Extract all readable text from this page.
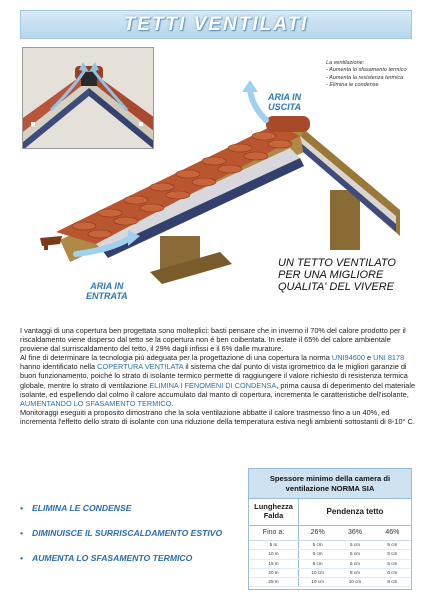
TETTI VENTILATI
La ventilazione:
- Aumenta lo sfasamento termico
- Aumenta la resistenza termica
- Elimina le condense
ARIA IN
USCITA
ARIA IN
ENTRATA
UN TETTO VENTILATO PER UNA MIGLIORE QUALITA' DEL VIVERE

I vantaggi di una copertura ben progettata sono molteplici: basti pensare che in inverno il 70% del calore prodotto per il riscaldamento viene disperso dal tetto se la copertura non è ben coibentata. In estate il 65% del calore ambientale proviene dal surriscaldamento del tetto, il 29% dagli infissi e il 6% dalle murature.

Al fine di determinare la tecnologia più adeguata per la progettazione di una copertura la norma UNI94600 e UNI 8178 hanno identificato nella COPERTURA VENTILATA il sistema che dal punto di vista igrometrico da le migliori garanzie di buon funzionamento, poiché lo strato di isolante termico permette di raggiungere il valore richiesto di resistenza termica globale, mentre lo strato di ventilazione ELIMINA I FENOMENI DI CONDENSA, prima causa di deperimento del materiale isolante, ed espellendo dal colmo il calore accumulato dal manto di copertura, incrementa le caratteristiche dell'isolante, AUMENTANDO LO SFASAMENTO TERMICO.

Monitoraggi eseguiti a proposito dimostrano che la sola ventilazione abbatte il calore trasmesso fino a un 40%, ed incrementa l'effetto dello strato di isolante con una riduzione della temperatura estiva negli ambienti sottostanti di 8-10° C.

• ELIMINA LE CONDENSE
• DIMINUISCE IL SURRISCALDAMENTO ESTIVO
• AUMENTA LO SFASAMENTO TERMICO
Spessore minimo della camera di ventilazione NORMA SIA
Lunghezza Falda	Pendenza tetto
Fino a:	26%	36%	46%
5 m	5 cm	5 cm	5 cm
10 m	6 cm	5 cm	5 cm
15 m	8 cm	6 cm	5 cm
20 m	10 cm	8 cm	6 cm
25 m	10 cm	10 cm	8 cm
